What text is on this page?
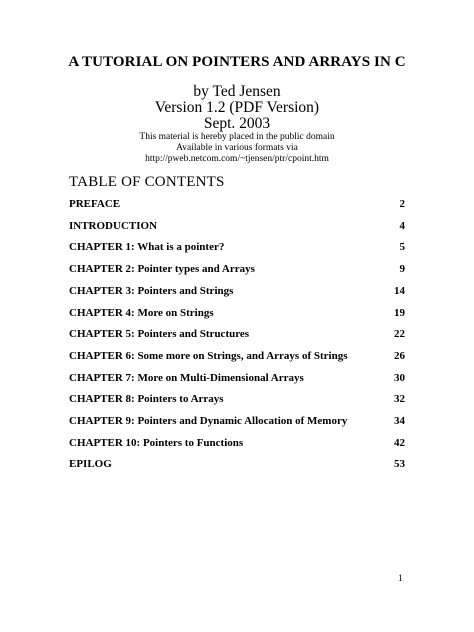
A TUTORIAL ON POINTERS AND ARRAYS IN C
by Ted Jensen
Version 1.2 (PDF Version)
Sept. 2003
This material is hereby placed in the public domain
Available in various formats via
http://pweb.netcom.com/~tjensen/ptr/cpoint.htm
TABLE OF CONTENTS
PREFACE	2
INTRODUCTION	4
CHAPTER 1: What is a pointer?	5
CHAPTER 2: Pointer types and Arrays	9
CHAPTER 3: Pointers and Strings	14
CHAPTER 4: More on Strings	19
CHAPTER 5: Pointers and Structures	22
CHAPTER 6: Some more on Strings, and Arrays of Strings	26
CHAPTER 7: More on Multi-Dimensional Arrays	30
CHAPTER 8: Pointers to Arrays	32
CHAPTER 9: Pointers and Dynamic Allocation of Memory	34
CHAPTER 10: Pointers to Functions	42
EPILOG	53
1
